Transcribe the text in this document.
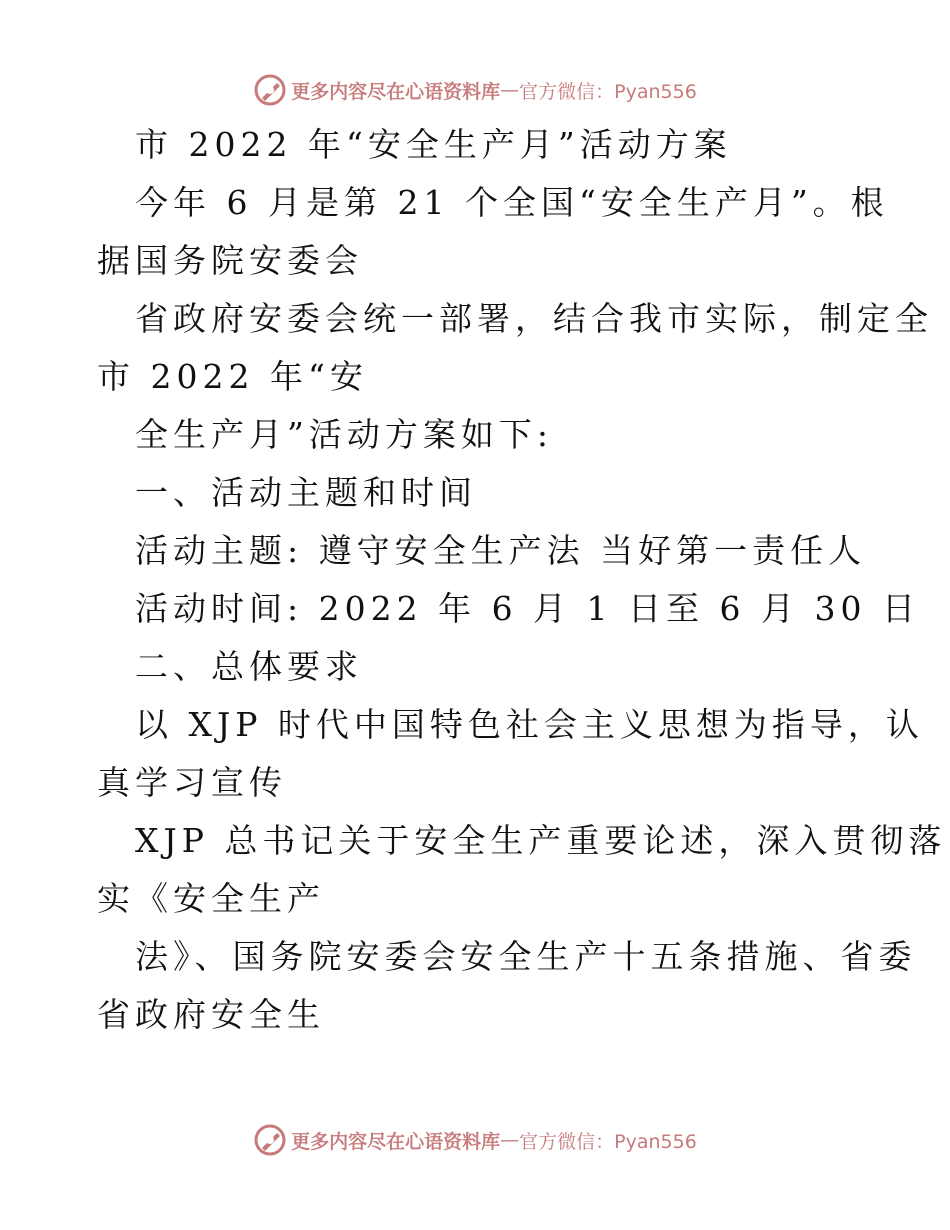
更多内容尽在心语资料库 — 官方微信：Pyan556
市 2022 年“安全生产月”活动方案
今年 6 月是第 21 个全国“安全生产月”。根
据国务院安委会
省政府安委会统一部署，结合我市实际，制定全
市 2022 年“安
全生产月”活动方案如下:
一、活动主题和时间
活动主题: 遵守安全生产法 当好第一责任人
活动时间: 2022 年 6 月 1 日至 6 月 30 日
二、总体要求
以 XJP 时代中国特色社会主义思想为指导，认
真学习宣传
XJP 总书记关于安全生产重要论述，深入贯彻落
实《安全生产
法》、国务院安委会安全生产十五条措施、省委
省政府安全生
更多内容尽在心语资料库 — 官方微信：Pyan556
